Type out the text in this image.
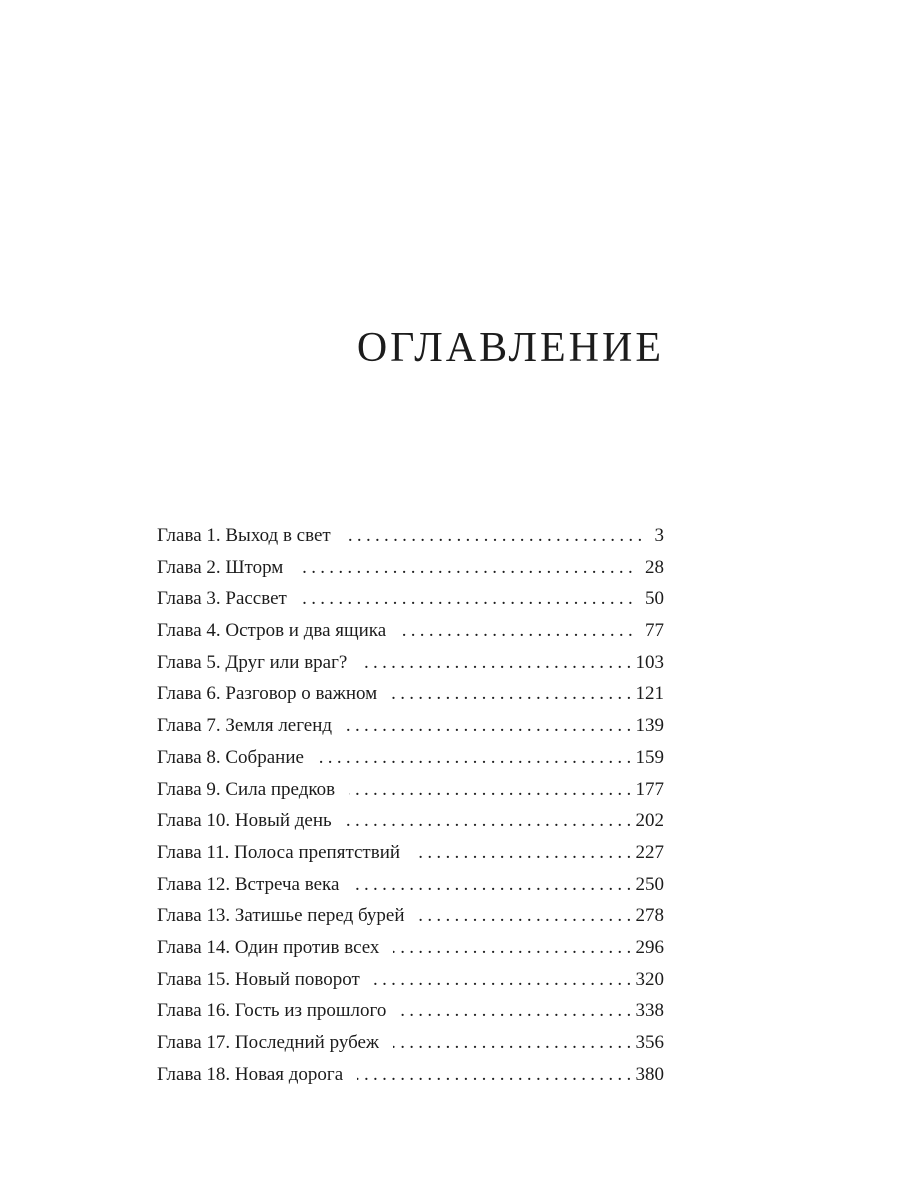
ОГЛАВЛЕНИЕ
Глава 1. Выход в свет .....	3
Глава 2. Шторм .....	28
Глава 3. Рассвет .....	50
Глава 4. Остров и два ящика .....	77
Глава 5. Друг или враг? .....	103
Глава 6. Разговор о важном .....	121
Глава 7. Земля легенд .....	139
Глава 8. Собрание .....	159
Глава 9. Сила предков .....	177
Глава 10. Новый день .....	202
Глава 11. Полоса препятствий .....	227
Глава 12. Встреча века .....	250
Глава 13. Затишье перед бурей .....	278
Глава 14. Один против всех .....	296
Глава 15. Новый поворот .....	320
Глава 16. Гость из прошлого .....	338
Глава 17. Последний рубеж .....	356
Глава 18. Новая дорога .....	380
